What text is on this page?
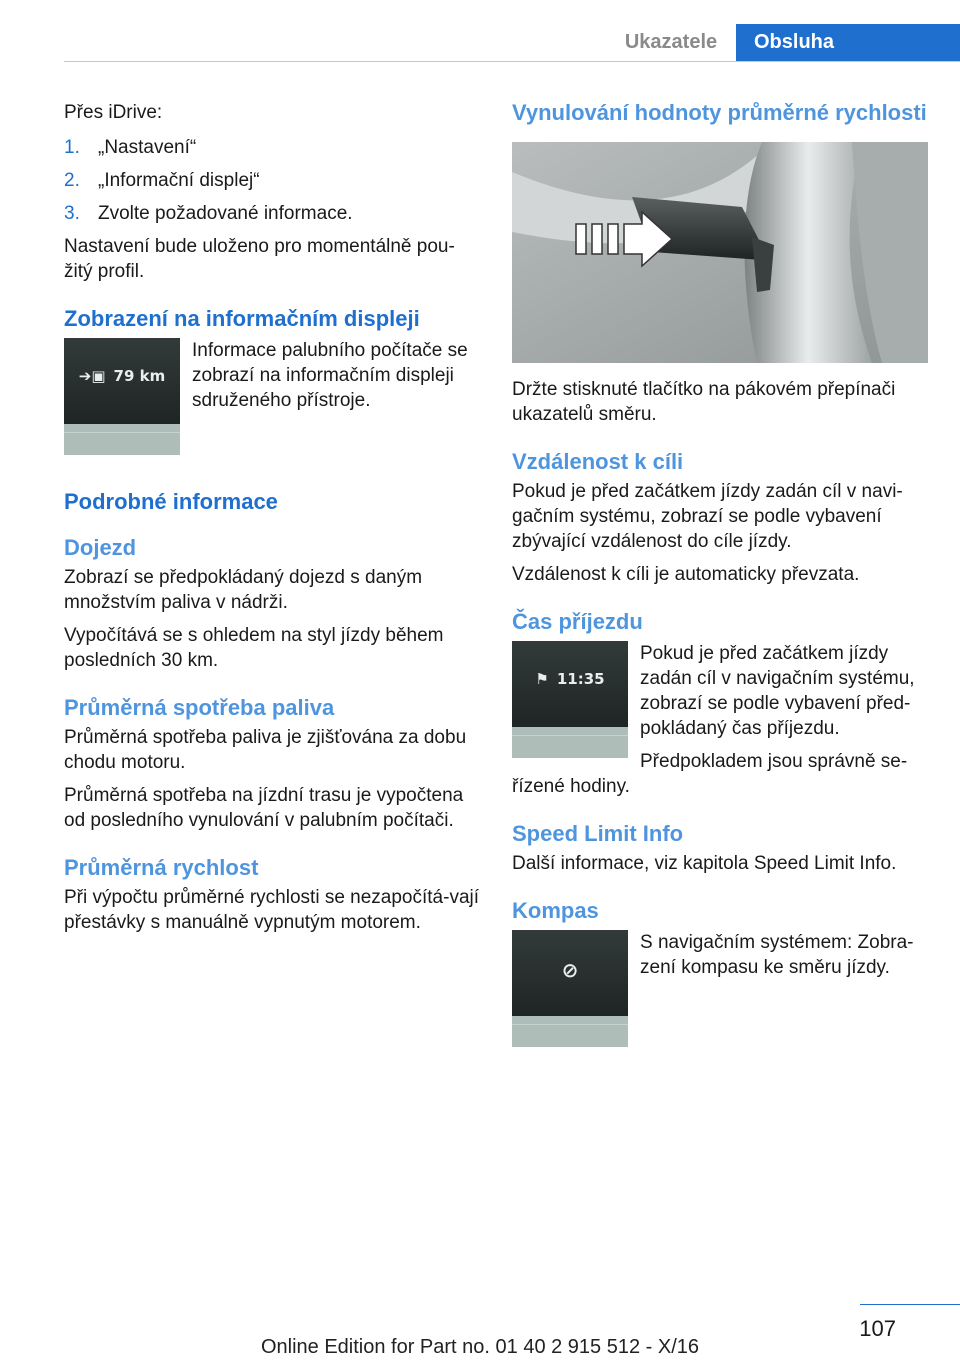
Ukazatele	Obsluha

Přes iDrive:

1. „Nastavení“
2. „Informační displej“
3. Zvolte požadované informace.

Nastavení bude uloženo pro momentálně pou‐žitý profil.

Zobrazení na informačním displeji
➔▣ 79 km

Informace palubního počítače se zobrazí na informačním displeji sdruženého přístroje.

Podrobné informace
Dojezd

Zobrazí se předpokládaný dojezd s daným množstvím paliva v nádrži.

Vypočítává se s ohledem na styl jízdy během posledních 30 km.

Průměrná spotřeba paliva

Průměrná spotřeba paliva je zjišťována za dobu chodu motoru.

Průměrná spotřeba na jízdní trasu je vypočtena od posledního vynulování v palubním počítači.

Průměrná rychlost

Při výpočtu průměrné rychlosti se nezapočítá‐vají přestávky s manuálně vypnutým motorem.

Vynulování hodnoty průměrné rychlosti

Držte stisknuté tlačítko na pákovém přepínači ukazatelů směru.

Vzdálenost k cíli

Pokud je před začátkem jízdy zadán cíl v navi‐gačním systému, zobrazí se podle vybavení zbývající vzdálenost do cíle jízdy.

Vzdálenost k cíli je automaticky převzata.

Čas příjezdu
⚑ 11:35

Pokud je před začátkem jízdy zadán cíl v navigačním systému, zobrazí se podle vybavení před‐pokládaný čas příjezdu.

Předpokladem jsou správně se‐řízené hodiny.

Speed Limit Info

Další informace, viz kapitola Speed Limit Info.

Kompas
⊘

S navigačním systémem: Zobra‐zení kompasu ke směru jízdy.

107
Online Edition for Part no. 01 40 2 915 512 - X/16
